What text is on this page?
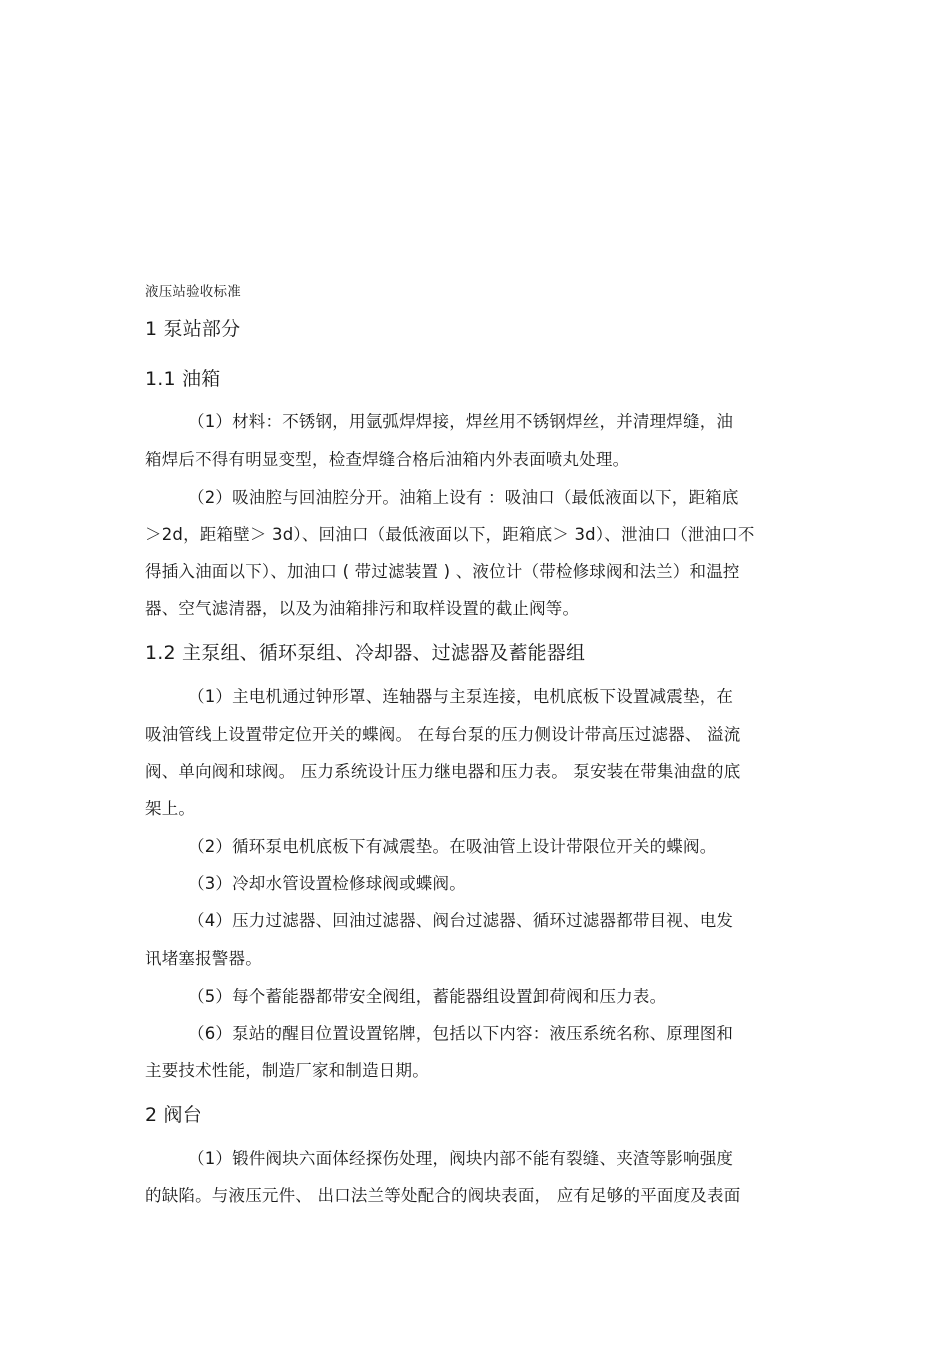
液压站验收标准
1 泵站部分
1.1 油箱
（1）材料：不锈钢，用氩弧焊焊接，焊丝用不锈钢焊丝，并清理焊缝，油
箱焊后不得有明显变型，检查焊缝合格后油箱内外表面喷丸处理。
（2）吸油腔与回油腔分开。油箱上设有 ：吸油口（最低液面以下，距箱底
＞2d，距箱壁＞ 3d）、回油口（最低液面以下，距箱底＞ 3d）、泄油口（泄油口不
得插入油面以下）、加油口 ( 带过滤装置 ) 、液位计（带检修球阀和法兰）和温控
器、空气滤清器，以及为油箱排污和取样设置的截止阀等。
1.2 主泵组、循环泵组、冷却器、过滤器及蓄能器组
（1）主电机通过钟形罩、连轴器与主泵连接，电机底板下设置减震垫，在
吸油管线上设置带定位开关的蝶阀。 在每台泵的压力侧设计带高压过滤器、 溢流
阀、单向阀和球阀。 压力系统设计压力继电器和压力表。 泵安装在带集油盘的底
架上。
（2）循环泵电机底板下有减震垫。在吸油管上设计带限位开关的蝶阀。
（3）冷却水管设置检修球阀或蝶阀。
（4）压力过滤器、回油过滤器、阀台过滤器、循环过滤器都带目视、电发
讯堵塞报警器。
（5）每个蓄能器都带安全阀组，蓄能器组设置卸荷阀和压力表。
（6）泵站的醒目位置设置铭牌，包括以下内容：液压系统名称、原理图和
主要技术性能，制造厂家和制造日期。
2 阀台
（1）锻件阀块六面体经探伤处理，阀块内部不能有裂缝、夹渣等影响强度
的缺陷。与液压元件、 出口法兰等处配合的阀块表面， 应有足够的平面度及表面
